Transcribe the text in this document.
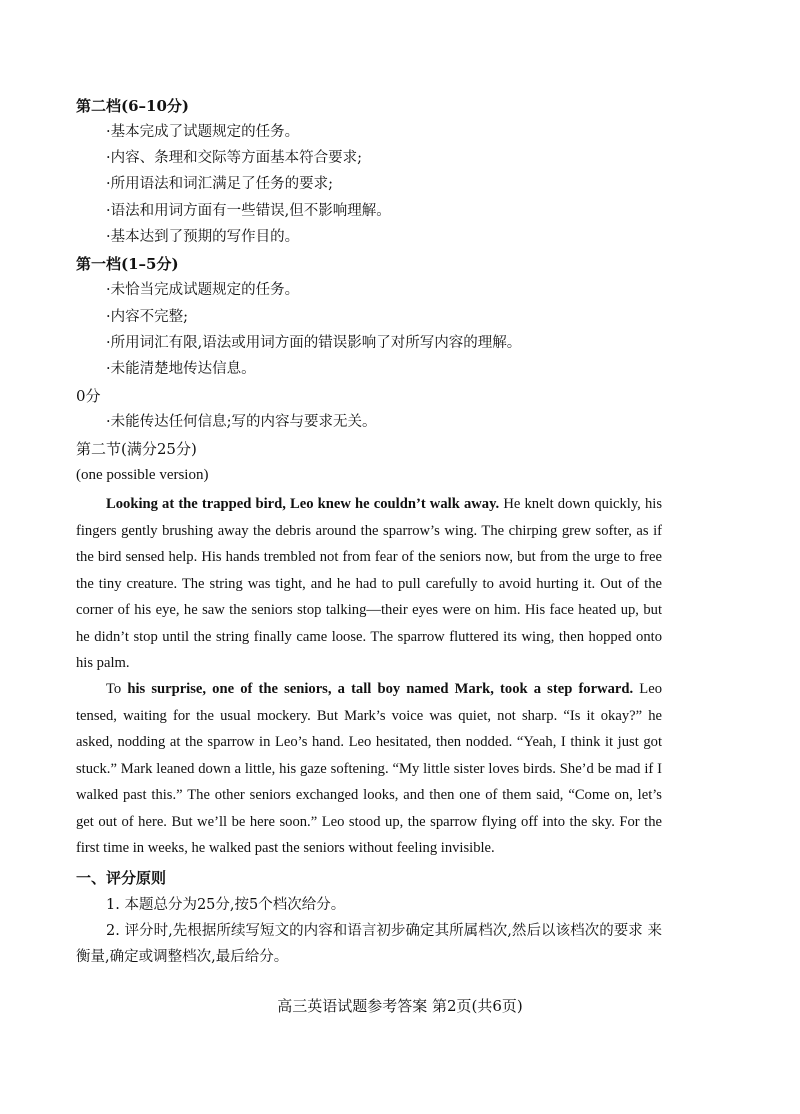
第二档(6–10分)
·基本完成了试题规定的任务。
·内容、条理和交际等方面基本符合要求;
·所用语法和词汇满足了任务的要求;
·语法和用词方面有一些错误,但不影响理解。
·基本达到了预期的写作目的。
第一档(1–5分)
·未恰当完成试题规定的任务。
·内容不完整;
·所用词汇有限,语法或用词方面的错误影响了对所写内容的理解。
·未能清楚地传达信息。
0分
·未能传达任何信息;写的内容与要求无关。
第二节(满分25分)
(one possible version)
Looking at the trapped bird, Leo knew he couldn’t walk away. He knelt down quickly, his fingers gently brushing away the debris around the sparrow’s wing. The chirping grew softer, as if the bird sensed help. His hands trembled not from fear of the seniors now, but from the urge to free the tiny creature. The string was tight, and he had to pull carefully to avoid hurting it. Out of the corner of his eye, he saw the seniors stop talking—their eyes were on him. His face heated up, but he didn’t stop until the string finally came loose. The sparrow fluttered its wing, then hopped onto his palm.
To his surprise, one of the seniors, a tall boy named Mark, took a step forward. Leo tensed, waiting for the usual mockery. But Mark’s voice was quiet, not sharp. “Is it okay?” he asked, nodding at the sparrow in Leo’s hand. Leo hesitated, then nodded. “Yeah, I think it just got stuck.” Mark leaned down a little, his gaze softening. “My little sister loves birds. She’d be mad if I walked past this.” The other seniors exchanged looks, and then one of them said, “Come on, let’s get out of here. But we’ll be here soon.” Leo stood up, the sparrow flying off into the sky. For the first time in weeks, he walked past the seniors without feeling invisible.
一、评分原则
1. 本题总分为25分,按5个档次给分。
2. 评分时,先根据所续写短文的内容和语言初步确定其所属档次,然后以该档次的要求 来衡量,确定或调整档次,最后给分。
高三英语试题参考答案 第2页(共6页)
